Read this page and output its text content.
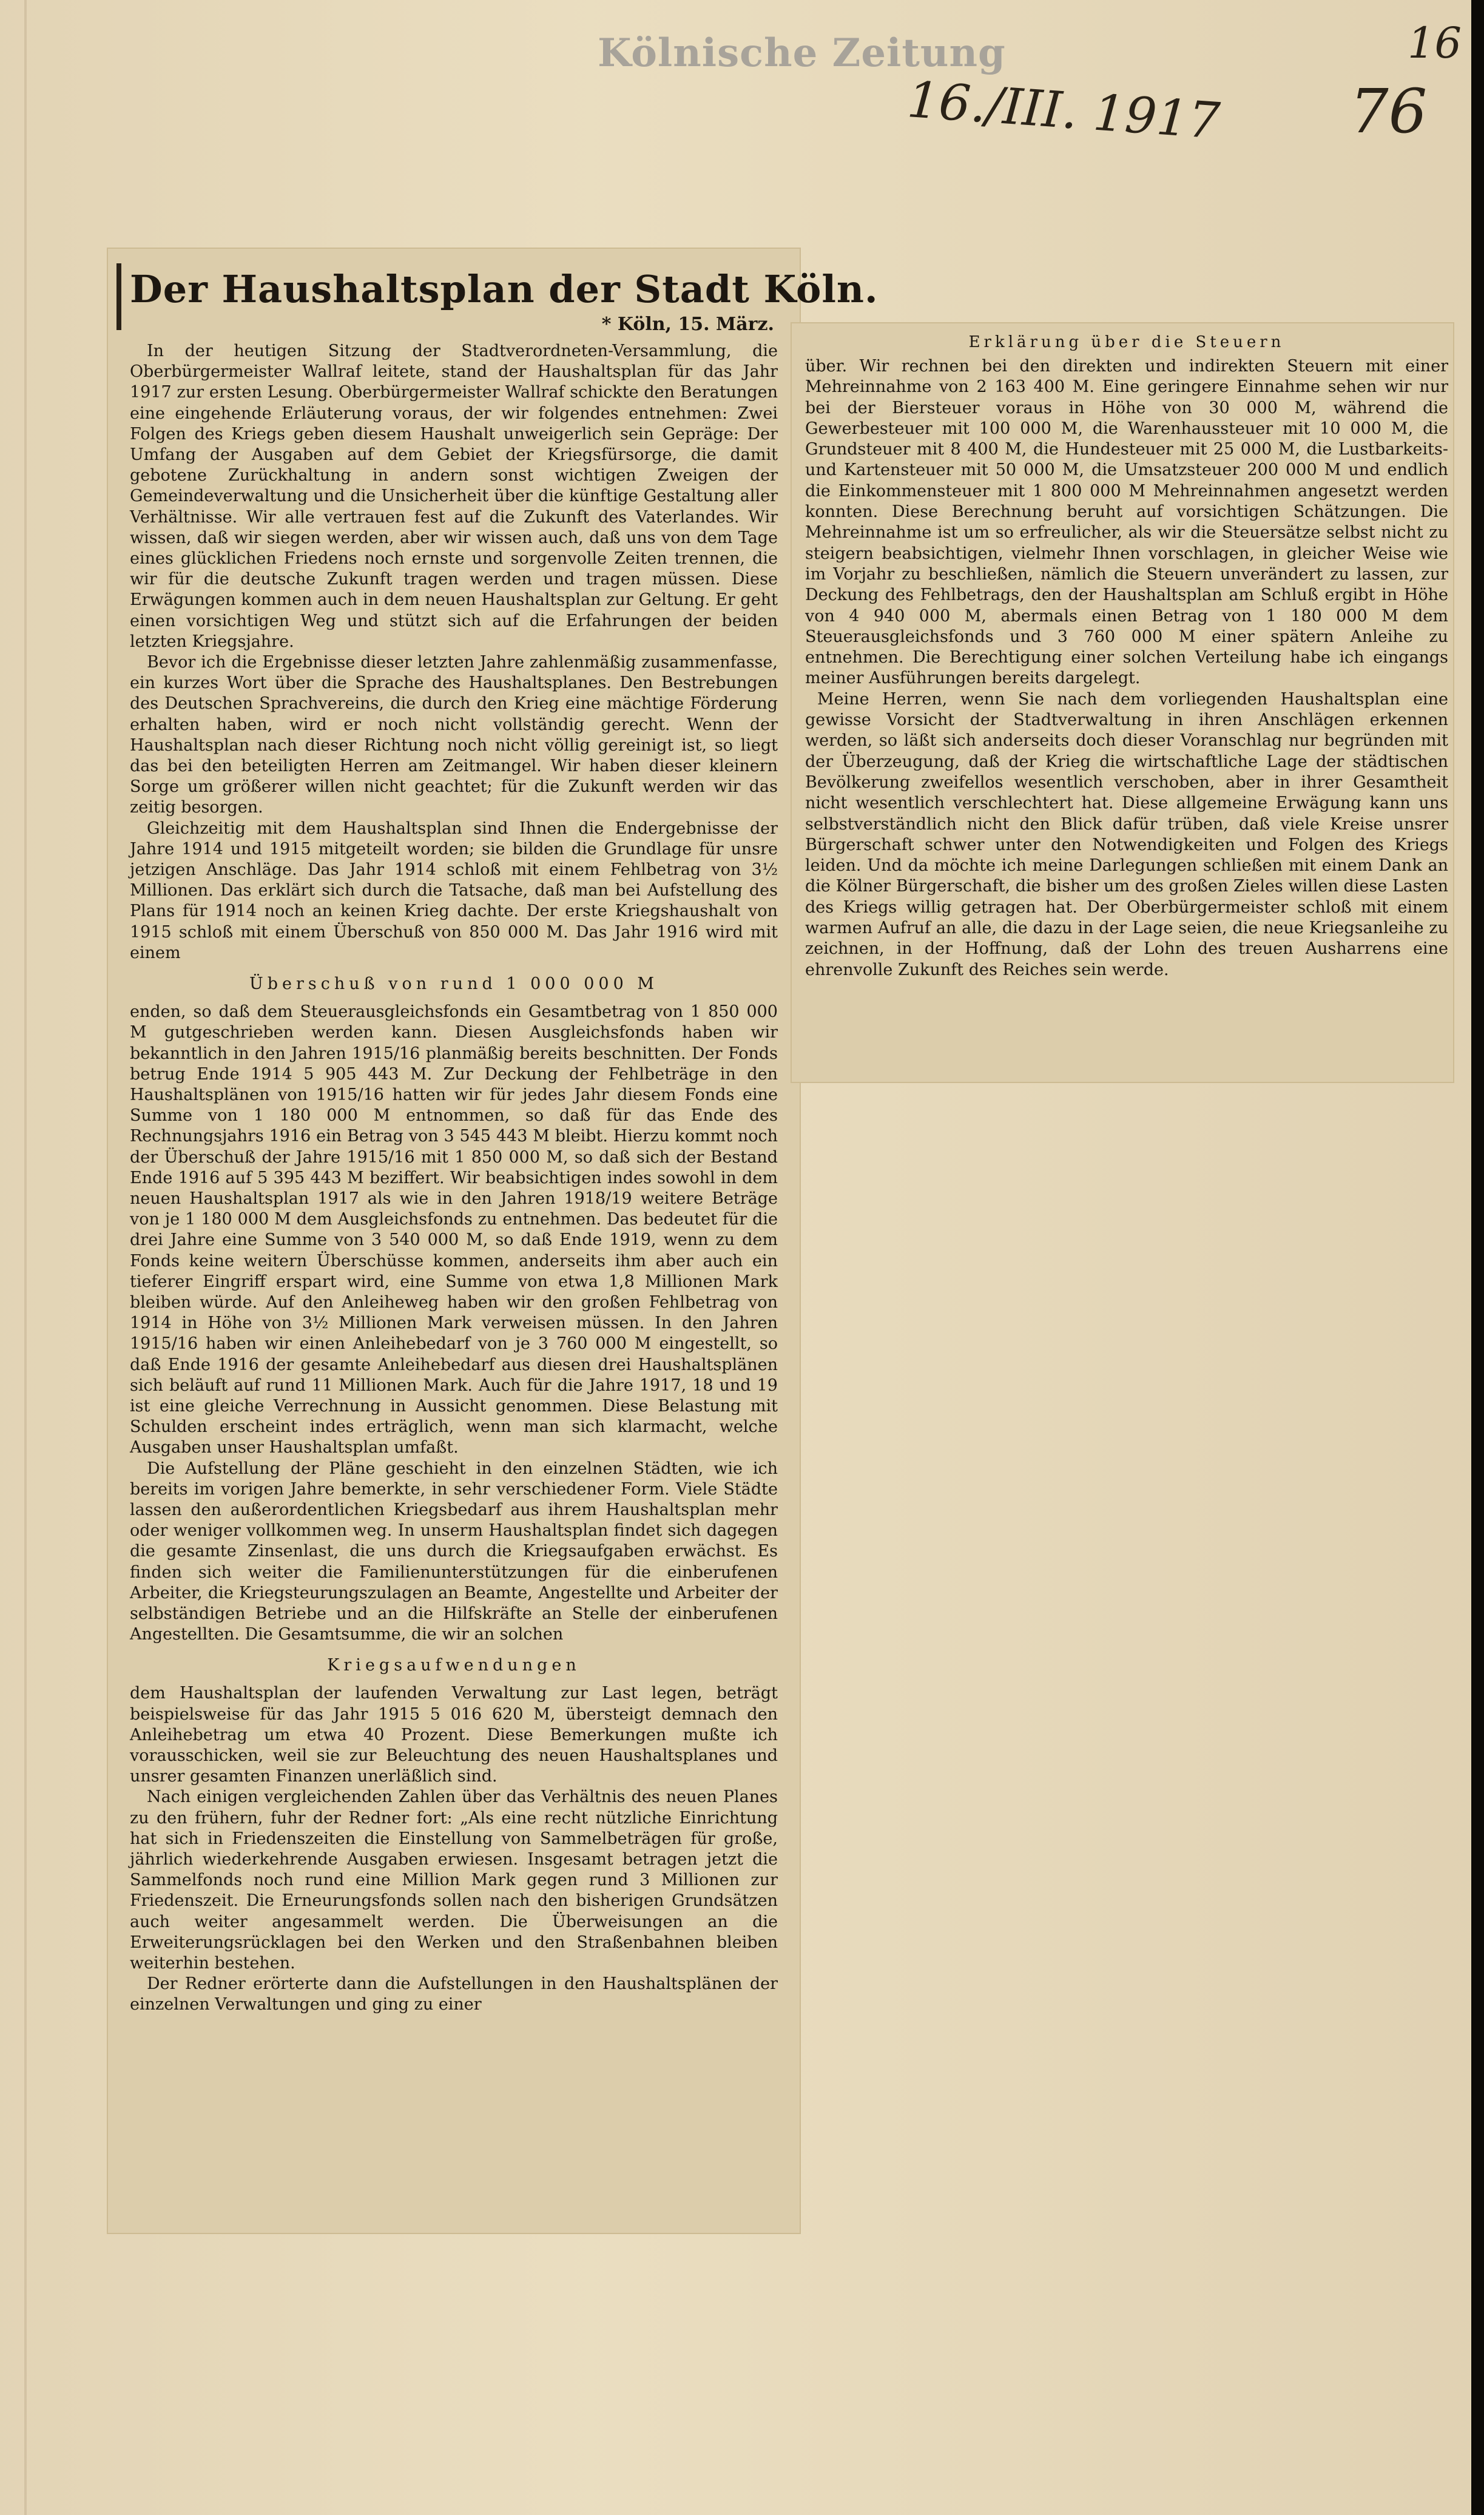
Kölnische Zeitung
16./III. 1917
16
76
Der Haushaltsplan der Stadt Köln.
* Köln, 15. März.

In der heutigen Sitzung der Stadtverordneten-Versammlung, die Oberbürgermeister Wallraf leitete, stand der Haushaltsplan für das Jahr 1917 zur ersten Lesung. Oberbürgermeister Wallraf schickte den Beratungen eine eingehende Erläuterung voraus, der wir folgendes entnehmen: Zwei Folgen des Kriegs geben diesem Haushalt unweigerlich sein Gepräge: Der Umfang der Ausgaben auf dem Gebiet der Kriegsfürsorge, die damit gebotene Zurückhaltung in andern sonst wichtigen Zweigen der Gemeindeverwaltung und die Unsicherheit über die künftige Gestaltung aller Verhältnisse. Wir alle vertrauen fest auf die Zukunft des Vaterlandes. Wir wissen, daß wir siegen werden, aber wir wissen auch, daß uns von dem Tage eines glücklichen Friedens noch ernste und sorgenvolle Zeiten trennen, die wir für die deutsche Zukunft tragen werden und tragen müssen. Diese Erwägungen kommen auch in dem neuen Haushaltsplan zur Geltung. Er geht einen vorsichtigen Weg und stützt sich auf die Erfahrungen der beiden letzten Kriegsjahre.

Bevor ich die Ergebnisse dieser letzten Jahre zahlenmäßig zusammenfasse, ein kurzes Wort über die Sprache des Haushaltsplanes. Den Bestrebungen des Deutschen Sprachvereins, die durch den Krieg eine mächtige Förderung erhalten haben, wird er noch nicht vollständig gerecht. Wenn der Haushaltsplan nach dieser Richtung noch nicht völlig gereinigt ist, so liegt das bei den beteiligten Herren am Zeitmangel. Wir haben dieser kleinern Sorge um größerer willen nicht geachtet; für die Zukunft werden wir das zeitig besorgen.

Gleichzeitig mit dem Haushaltsplan sind Ihnen die Endergebnisse der Jahre 1914 und 1915 mitgeteilt worden; sie bilden die Grundlage für unsre jetzigen Anschläge. Das Jahr 1914 schloß mit einem Fehlbetrag von 3½ Millionen. Das erklärt sich durch die Tatsache, daß man bei Aufstellung des Plans für 1914 noch an keinen Krieg dachte. Der erste Kriegshaushalt von 1915 schloß mit einem Überschuß von 850 000 M. Das Jahr 1916 wird mit einem

Überschuß von rund 1 000 000 M

enden, so daß dem Steuerausgleichsfonds ein Gesamtbetrag von 1 850 000 M gutgeschrieben werden kann. Diesen Ausgleichsfonds haben wir bekanntlich in den Jahren 1915/16 planmäßig bereits beschnitten. Der Fonds betrug Ende 1914 5 905 443 M. Zur Deckung der Fehlbeträge in den Haushaltsplänen von 1915/16 hatten wir für jedes Jahr diesem Fonds eine Summe von 1 180 000 M entnommen, so daß für das Ende des Rechnungsjahrs 1916 ein Betrag von 3 545 443 M bleibt. Hierzu kommt noch der Überschuß der Jahre 1915/16 mit 1 850 000 M, so daß sich der Bestand Ende 1916 auf 5 395 443 M beziffert. Wir beabsichtigen indes sowohl in dem neuen Haushaltsplan 1917 als wie in den Jahren 1918/19 weitere Beträge von je 1 180 000 M dem Ausgleichsfonds zu entnehmen. Das bedeutet für die drei Jahre eine Summe von 3 540 000 M, so daß Ende 1919, wenn zu dem Fonds keine weitern Überschüsse kommen, anderseits ihm aber auch ein tieferer Eingriff erspart wird, eine Summe von etwa 1,8 Millionen Mark bleiben würde. Auf den Anleiheweg haben wir den großen Fehlbetrag von 1914 in Höhe von 3½ Millionen Mark verweisen müssen. In den Jahren 1915/16 haben wir einen Anleihebedarf von je 3 760 000 M eingestellt, so daß Ende 1916 der gesamte Anleihebedarf aus diesen drei Haushaltsplänen sich beläuft auf rund 11 Millionen Mark. Auch für die Jahre 1917, 18 und 19 ist eine gleiche Verrechnung in Aussicht genommen. Diese Belastung mit Schulden erscheint indes erträglich, wenn man sich klarmacht, welche Ausgaben unser Haushaltsplan umfaßt.

Die Aufstellung der Pläne geschieht in den einzelnen Städten, wie ich bereits im vorigen Jahre bemerkte, in sehr verschiedener Form. Viele Städte lassen den außerordentlichen Kriegsbedarf aus ihrem Haushaltsplan mehr oder weniger vollkommen weg. In unserm Haushaltsplan findet sich dagegen die gesamte Zinsenlast, die uns durch die Kriegsaufgaben erwächst. Es finden sich weiter die Familienunterstützungen für die einberufenen Arbeiter, die Kriegsteurungszulagen an Beamte, Angestellte und Arbeiter der selbständigen Betriebe und an die Hilfskräfte an Stelle der einberufenen Angestellten. Die Gesamtsumme, die wir an solchen

Kriegsaufwendungen

dem Haushaltsplan der laufenden Verwaltung zur Last legen, beträgt beispielsweise für das Jahr 1915 5 016 620 M, übersteigt demnach den Anleihebetrag um etwa 40 Prozent. Diese Bemerkungen mußte ich vorausschicken, weil sie zur Beleuchtung des neuen Haushaltsplanes und unsrer gesamten Finanzen unerläßlich sind.

Nach einigen vergleichenden Zahlen über das Verhältnis des neuen Planes zu den frühern, fuhr der Redner fort: „Als eine recht nützliche Einrichtung hat sich in Friedenszeiten die Einstellung von Sammelbeträgen für große, jährlich wiederkehrende Ausgaben erwiesen. Insgesamt betragen jetzt die Sammelfonds noch rund eine Million Mark gegen rund 3 Millionen zur Friedenszeit. Die Erneurungsfonds sollen nach den bisherigen Grundsätzen auch weiter angesammelt werden. Die Überweisungen an die Erweiterungsrücklagen bei den Werken und den Straßenbahnen bleiben weiterhin bestehen.

Der Redner erörterte dann die Aufstellungen in den Haushaltsplänen der einzelnen Verwaltungen und ging zu einer

Erklärung über die Steuern

über. Wir rechnen bei den direkten und indirekten Steuern mit einer Mehreinnahme von 2 163 400 M. Eine geringere Einnahme sehen wir nur bei der Biersteuer voraus in Höhe von 30 000 M, während die Gewerbesteuer mit 100 000 M, die Warenhaussteuer mit 10 000 M, die Grundsteuer mit 8 400 M, die Hundesteuer mit 25 000 M, die Lustbarkeits- und Kartensteuer mit 50 000 M, die Umsatzsteuer 200 000 M und endlich die Einkommensteuer mit 1 800 000 M Mehreinnahmen angesetzt werden konnten. Diese Berechnung beruht auf vorsichtigen Schätzungen. Die Mehreinnahme ist um so erfreulicher, als wir die Steuersätze selbst nicht zu steigern beabsichtigen, vielmehr Ihnen vorschlagen, in gleicher Weise wie im Vorjahr zu beschließen, nämlich die Steuern unverändert zu lassen, zur Deckung des Fehlbetrags, den der Haushaltsplan am Schluß ergibt in Höhe von 4 940 000 M, abermals einen Betrag von 1 180 000 M dem Steuerausgleichsfonds und 3 760 000 M einer spätern Anleihe zu entnehmen. Die Berechtigung einer solchen Verteilung habe ich eingangs meiner Ausführungen bereits dargelegt.

Meine Herren, wenn Sie nach dem vorliegenden Haushaltsplan eine gewisse Vorsicht der Stadtverwaltung in ihren Anschlägen erkennen werden, so läßt sich anderseits doch dieser Voranschlag nur begründen mit der Überzeugung, daß der Krieg die wirtschaftliche Lage der städtischen Bevölkerung zweifellos wesentlich verschoben, aber in ihrer Gesamtheit nicht wesentlich verschlechtert hat. Diese allgemeine Erwägung kann uns selbstverständlich nicht den Blick dafür trüben, daß viele Kreise unsrer Bürgerschaft schwer unter den Notwendigkeiten und Folgen des Kriegs leiden. Und da möchte ich meine Darlegungen schließen mit einem Dank an die Kölner Bürgerschaft, die bisher um des großen Zieles willen diese Lasten des Kriegs willig getragen hat. Der Oberbürgermeister schloß mit einem warmen Aufruf an alle, die dazu in der Lage seien, die neue Kriegsanleihe zu zeichnen, in der Hoffnung, daß der Lohn des treuen Ausharrens eine ehrenvolle Zukunft des Reiches sein werde.
